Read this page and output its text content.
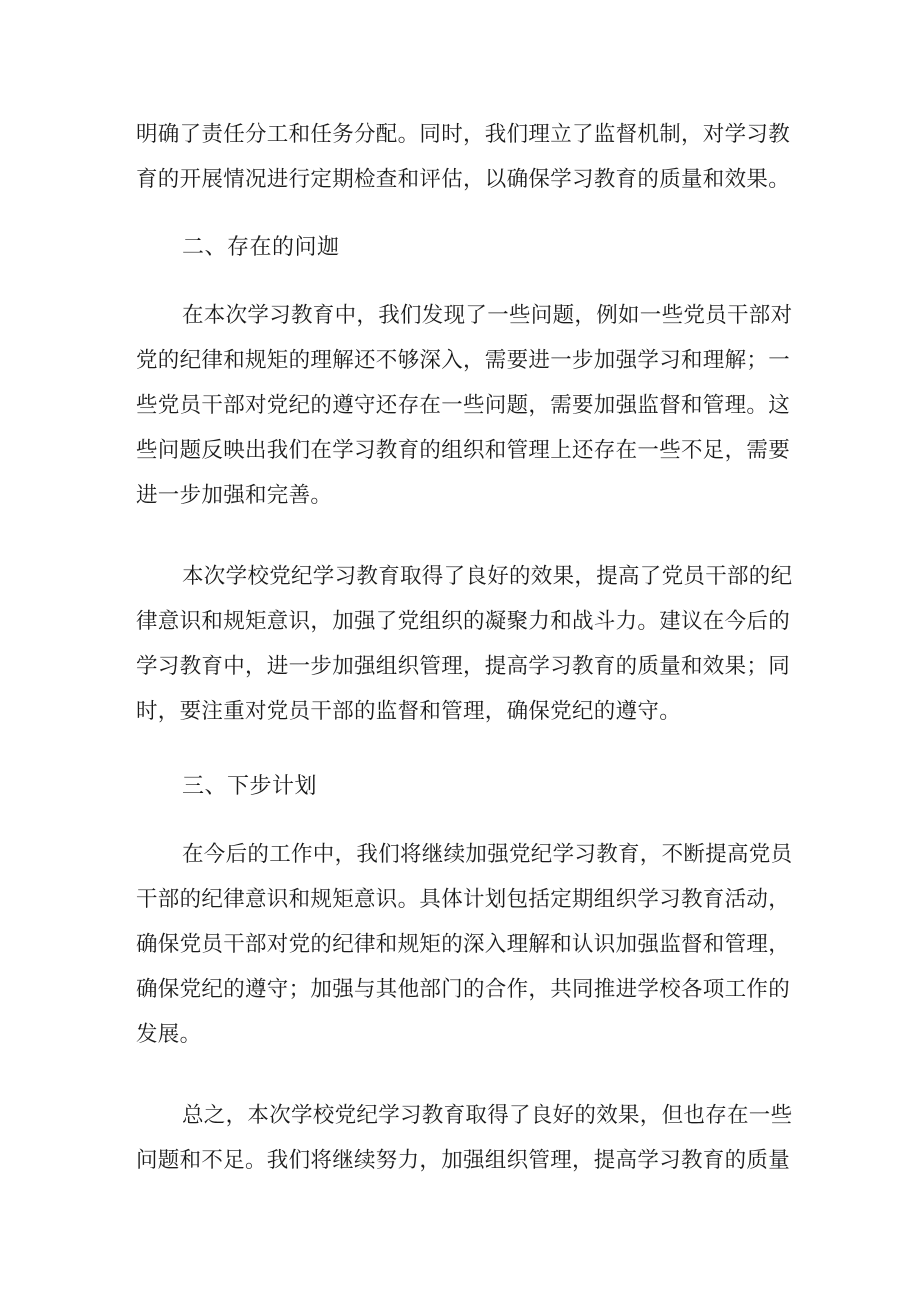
明确了责任分工和任务分配。同时，我们理立了监督机制，对学习教
育的开展情况进行定期检查和评估，以确保学习教育的质量和效果。
二、存在的问迦
在本次学习教育中，我们发现了一些问题，例如一些党员干部对
党的纪律和规矩的理解还不够深入，需要进一步加强学习和理解；一
些党员干部对党纪的遵守还存在一些问题，需要加强监督和管理。这
些问题反映出我们在学习教育的组织和管理上还存在一些不足，需要
进一步加强和完善。
本次学校党纪学习教育取得了良好的效果，提高了党员干部的纪
律意识和规矩意识，加强了党组织的凝聚力和战斗力。建议在今后的
学习教育中，进一步加强组织管理，提高学习教育的质量和效果；同
时，要注重对党员干部的监督和管理，确保党纪的遵守。
三、下步计划
在今后的工作中，我们将继续加强党纪学习教育，不断提高党员
干部的纪律意识和规矩意识。具体计划包括定期组织学习教育活动，
确保党员干部对党的纪律和规矩的深入理解和认识加强监督和管理，
确保党纪的遵守；加强与其他部门的合作，共同推进学校各项工作的
发展。
总之，本次学校党纪学习教育取得了良好的效果，但也存在一些
问题和不足。我们将继续努力，加强组织管理，提高学习教育的质量
